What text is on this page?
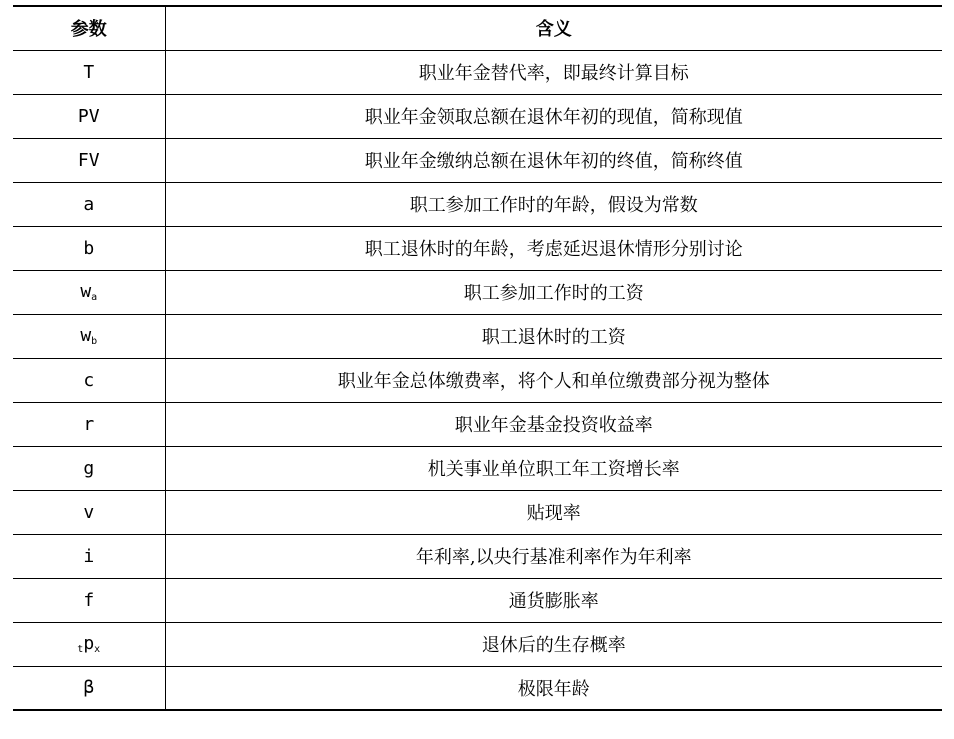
参数	含义
T	职业年金替代率，即最终计算目标
PV	职业年金领取总额在退休年初的现值，简称现值
FV	职业年金缴纳总额在退休年初的终值，简称终值
a	职工参加工作时的年龄，假设为常数
b	职工退休时的年龄，考虑延迟退休情形分别讨论
$w_a$	职工参加工作时的工资
$w_b$	职工退休时的工资
c	职业年金总体缴费率，将个人和单位缴费部分视为整体
r	职业年金基金投资收益率
g	机关事业单位职工年工资增长率
v	贴现率
i	年利率,以央行基准利率作为年利率
f	通货膨胀率
$tp_x$	退休后的生存概率
β	极限年龄
